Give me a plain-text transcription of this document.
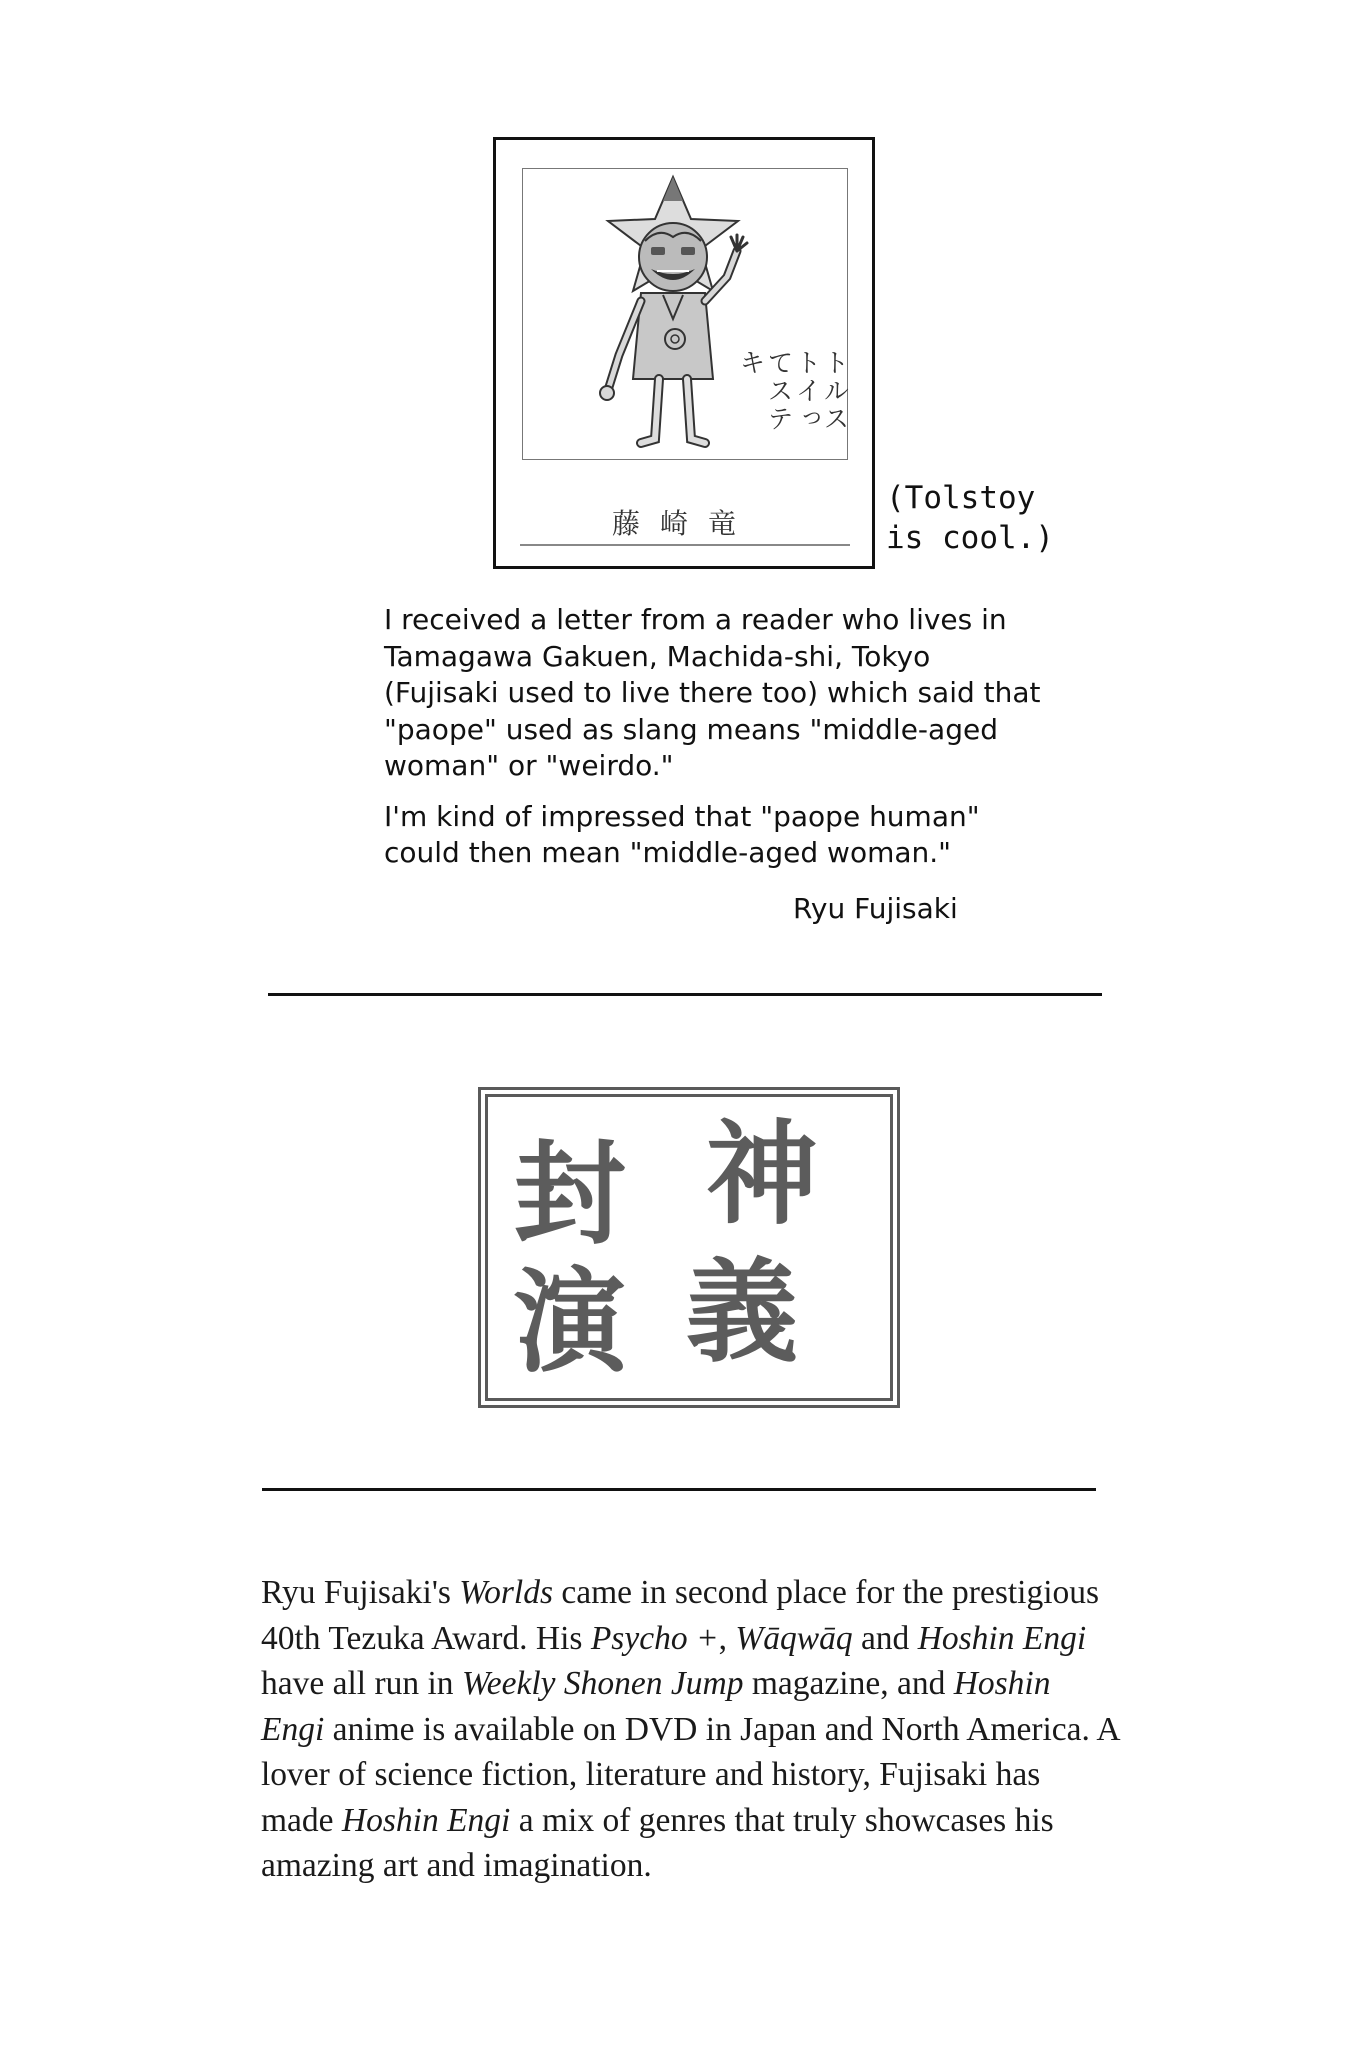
トルストイってステキ
藤崎竜
(Tolstoy
is cool.)

I received a letter from a reader who lives in Tamagawa Gakuen, Machida-shi, Tokyo (Fujisaki used to live there too) which said that "paope" used as slang means "middle-aged woman" or "weirdo."

I'm kind of impressed that "paope human" could then mean "middle-aged woman."

Ryu Fujisaki
神
封
義
演

Ryu Fujisaki's Worlds came in second place for the prestigious 40th Tezuka Award. His Psycho +, Wāqwāq and Hoshin Engi have all run in Weekly Shonen Jump magazine, and Hoshin Engi anime is available on DVD in Japan and North America. A lover of science fiction, literature and history, Fujisaki has made Hoshin Engi a mix of genres that truly showcases his amazing art and imagination.
